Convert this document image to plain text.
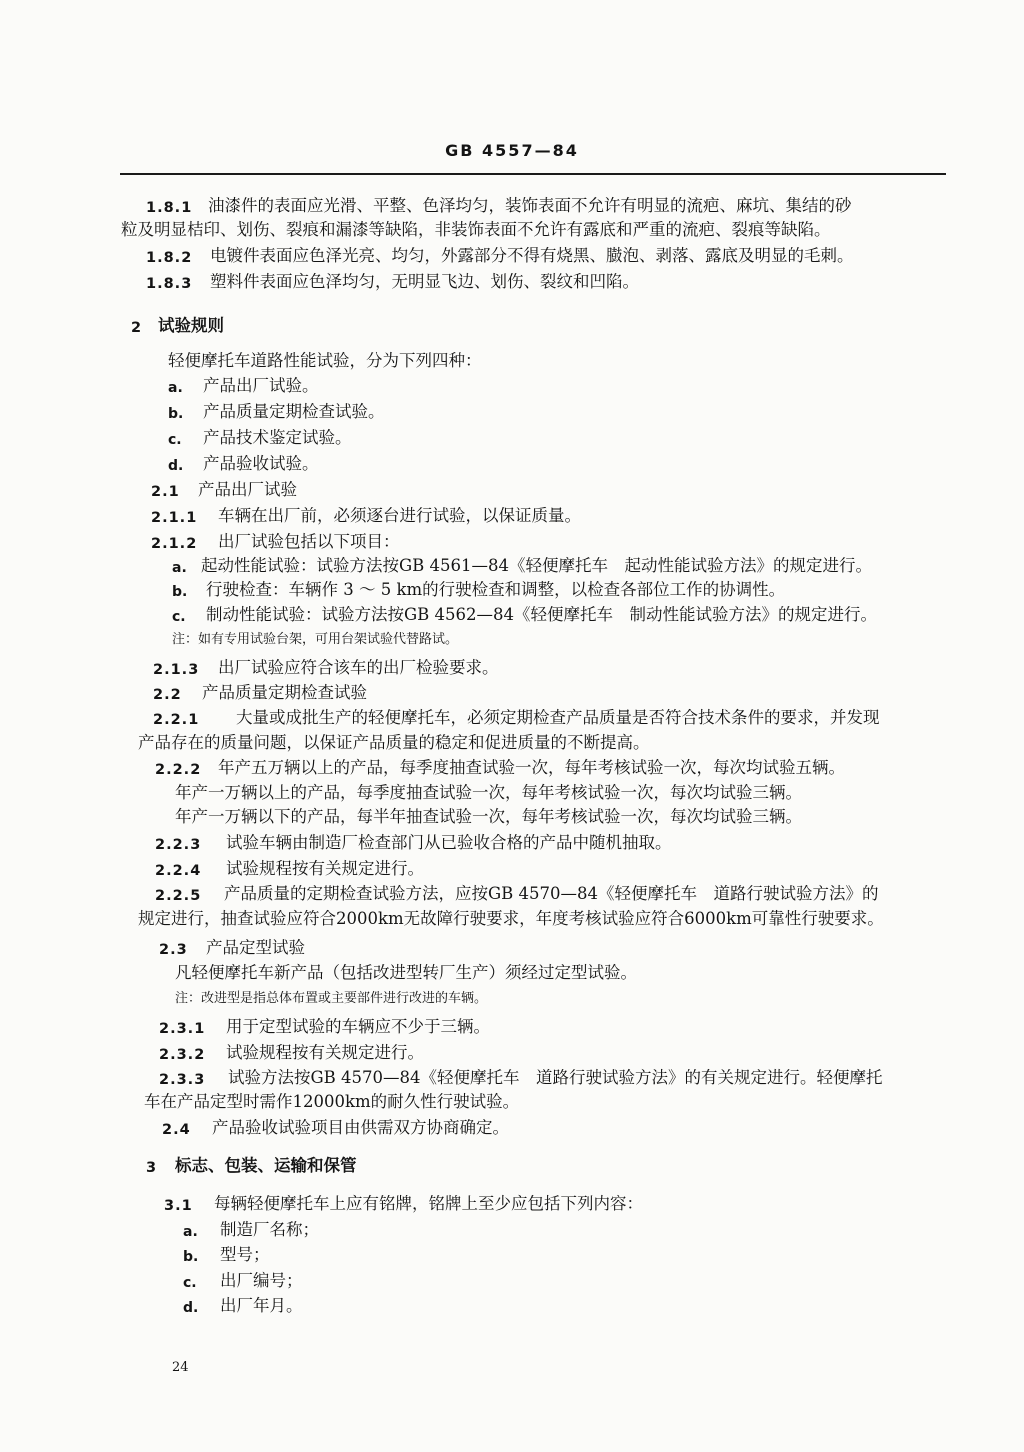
GB 4557—84
1.8.1 油漆件的表面应光滑、平整、色泽均匀，装饰表面不允许有明显的流疤、麻坑、集结的砂
粒及明显桔印、划伤、裂痕和漏漆等缺陷，非装饰表面不允许有露底和严重的流疤、裂痕等缺陷。
1.8.2 电镀件表面应色泽光亮、均匀，外露部分不得有烧黑、臌泡、剥落、露底及明显的毛刺。
1.8.3 塑料件表面应色泽均匀，无明显飞边、划伤、裂纹和凹陷。
2 试验规则
轻便摩托车道路性能试验，分为下列四种：
a. 产品出厂试验。
b. 产品质量定期检查试验。
c. 产品技术鉴定试验。
d. 产品验收试验。
2.1 产品出厂试验
2.1.1 车辆在出厂前，必须逐台进行试验，以保证质量。
2.1.2 出厂试验包括以下项目：
a. 起动性能试验：试验方法按GB 4561—84《轻便摩托车　起动性能试验方法》的规定进行。
b. 行驶检查：车辆作 3 ～ 5 km的行驶检查和调整，以检查各部位工作的协调性。
c. 制动性能试验：试验方法按GB 4562—84《轻便摩托车　制动性能试验方法》的规定进行。
注：如有专用试验台架，可用台架试验代替路试。
2.1.3 出厂试验应符合该车的出厂检验要求。
2.2 产品质量定期检查试验
2.2.1 大量或成批生产的轻便摩托车，必须定期检查产品质量是否符合技术条件的要求，并发现
产品存在的质量问题，以保证产品质量的稳定和促进质量的不断提高。
2.2.2 年产五万辆以上的产品，每季度抽查试验一次，每年考核试验一次，每次均试验五辆。
年产一万辆以上的产品，每季度抽查试验一次，每年考核试验一次，每次均试验三辆。
年产一万辆以下的产品，每半年抽查试验一次，每年考核试验一次，每次均试验三辆。
2.2.3 试验车辆由制造厂检查部门从已验收合格的产品中随机抽取。
2.2.4 试验规程按有关规定进行。
2.2.5 产品质量的定期检查试验方法，应按GB 4570—84《轻便摩托车　道路行驶试验方法》的
规定进行，抽查试验应符合2000km无故障行驶要求，年度考核试验应符合6000km可靠性行驶要求。
2.3 产品定型试验
凡轻便摩托车新产品（包括改进型转厂生产）须经过定型试验。
注：改进型是指总体布置或主要部件进行改进的车辆。
2.3.1 用于定型试验的车辆应不少于三辆。
2.3.2 试验规程按有关规定进行。
2.3.3 试验方法按GB 4570—84《轻便摩托车　道路行驶试验方法》的有关规定进行。轻便摩托
车在产品定型时需作12000km的耐久性行驶试验。
2.4 产品验收试验项目由供需双方协商确定。
3 标志、包装、运输和保管
3.1 每辆轻便摩托车上应有铭牌，铭牌上至少应包括下列内容：
a. 制造厂名称；
b. 型号；
c. 出厂编号；
d. 出厂年月。
24
